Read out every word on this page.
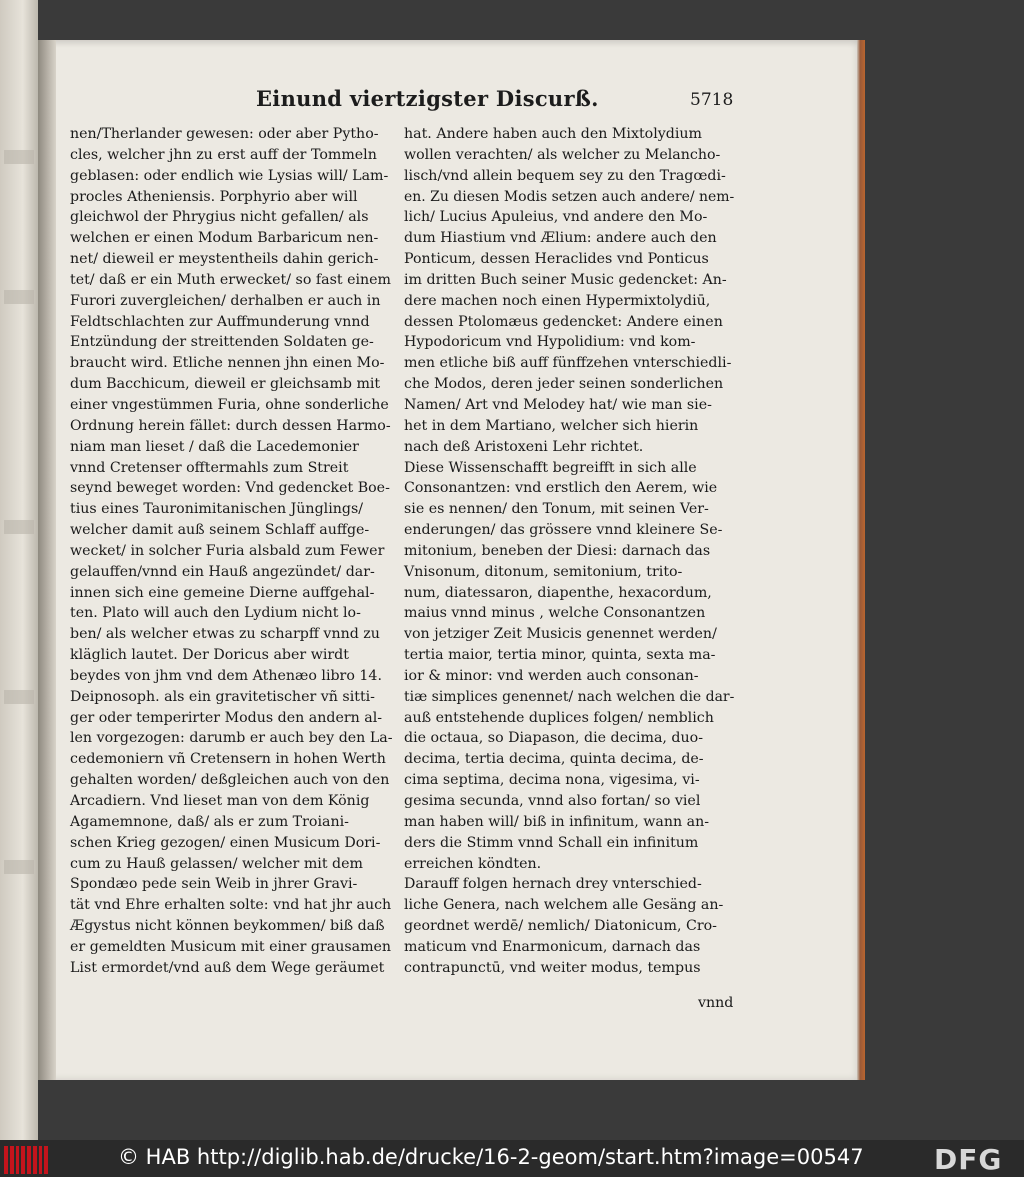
Einund viertzigster Discurß.	5718
nen/Therlander gewesen: oder aber Pytho-
cles, welcher jhn zu erst auff der Tommeln
geblasen: oder endlich wie Lysias will/ Lam-
procles Atheniensis. Porphyrio aber will
gleichwol der Phrygius nicht gefallen/ als
welchen er einen Modum Barbaricum nen-
net/ dieweil er meystentheils dahin gerich-
tet/ daß er ein Muth erwecket/ so fast einem
Furori zuvergleichen/ derhalben er auch in
Feldtschlachten zur Auffmunderung vnnd
Entzündung der streittenden Soldaten ge-
braucht wird. Etliche nennen jhn einen Mo-
dum Bacchicum, dieweil er gleichsamb mit
einer vngestümmen Furia, ohne sonderliche
Ordnung herein fället: durch dessen Harmo-
niam man lieset / daß die Lacedemonier
vnnd Cretenser offtermahls zum Streit
seynd beweget worden: Vnd gedencket Boe-
tius eines Tauronimitanischen Jünglings/
welcher damit auß seinem Schlaff auffge-
wecket/ in solcher Furia alsbald zum Fewer
gelauffen/vnnd ein Hauß angezündet/ dar-
innen sich eine gemeine Dierne auffgehal-
ten. Plato will auch den Lydium nicht lo-
ben/ als welcher etwas zu scharpff vnnd zu
kläglich lautet. Der Doricus aber wirdt
beydes von jhm vnd dem Athenæo libro 14.
Deipnosoph. als ein gravitetischer vñ sitti-
ger oder temperirter Modus den andern al-
len vorgezogen: darumb er auch bey den La-
cedemoniern vñ Cretensern in hohen Werth
gehalten worden/ deßgleichen auch von den
Arcadiern. Vnd lieset man von dem König
Agamemnone, daß/ als er zum Troiani-
schen Krieg gezogen/ einen Musicum Dori-
cum zu Hauß gelassen/ welcher mit dem
Spondæo pede sein Weib in jhrer Gravi-
tät vnd Ehre erhalten solte: vnd hat jhr auch
Ægystus nicht können beykommen/ biß daß
er gemeldten Musicum mit einer grausamen
List ermordet/vnd auß dem Wege geräumet
hat. Andere haben auch den Mixtolydium
wollen verachten/ als welcher zu Melancho-
lisch/vnd allein bequem sey zu den Tragœdi-
en. Zu diesen Modis setzen auch andere/ nem-
lich/ Lucius Apuleius, vnd andere den Mo-
dum Hiastium vnd Ælium: andere auch den
Ponticum, dessen Heraclides vnd Ponticus
im dritten Buch seiner Music gedencket: An-
dere machen noch einen Hypermixtolydiū,
dessen Ptolomæus gedencket: Andere einen
Hypodoricum vnd Hypolidium: vnd kom-
men etliche biß auff fünffzehen vnterschiedli-
che Modos, deren jeder seinen sonderlichen
Namen/ Art vnd Melodey hat/ wie man sie-
het in dem Martiano, welcher sich hierin
nach deß Aristoxeni Lehr richtet.
Diese Wissenschafft begreifft in sich alle
Consonantzen: vnd erstlich den Aerem, wie
sie es nennen/ den Tonum, mit seinen Ver-
enderungen/ das grössere vnnd kleinere Se-
mitonium, beneben der Diesi: darnach das
Vnisonum, ditonum, semitonium, trito-
num, diatessaron, diapenthe, hexacordum,
maius vnnd minus , welche Consonantzen
von jetziger Zeit Musicis genennet werden/
tertia maior, tertia minor, quinta, sexta ma-
ior & minor: vnd werden auch consonan-
tiæ simplices genennet/ nach welchen die dar-
auß entstehende duplices folgen/ nemblich
die octaua, so Diapason, die decima, duo-
decima, tertia decima, quinta decima, de-
cima septima, decima nona, vigesima, vi-
gesima secunda, vnnd also fortan/ so viel
man haben will/ biß in infinitum, wann an-
ders die Stimm vnnd Schall ein infinitum
erreichen köndten.
Darauff folgen hernach drey vnterschied-
liche Genera, nach welchem alle Gesäng an-
geordnet werdē/ nemlich/ Diatonicum, Cro-
maticum vnd Enarmonicum, darnach das
contrapunctū, vnd weiter modus, tempus
vnnd
© HAB http://diglib.hab.de/drucke/16-2-geom/start.htm?image=00547	DFG
